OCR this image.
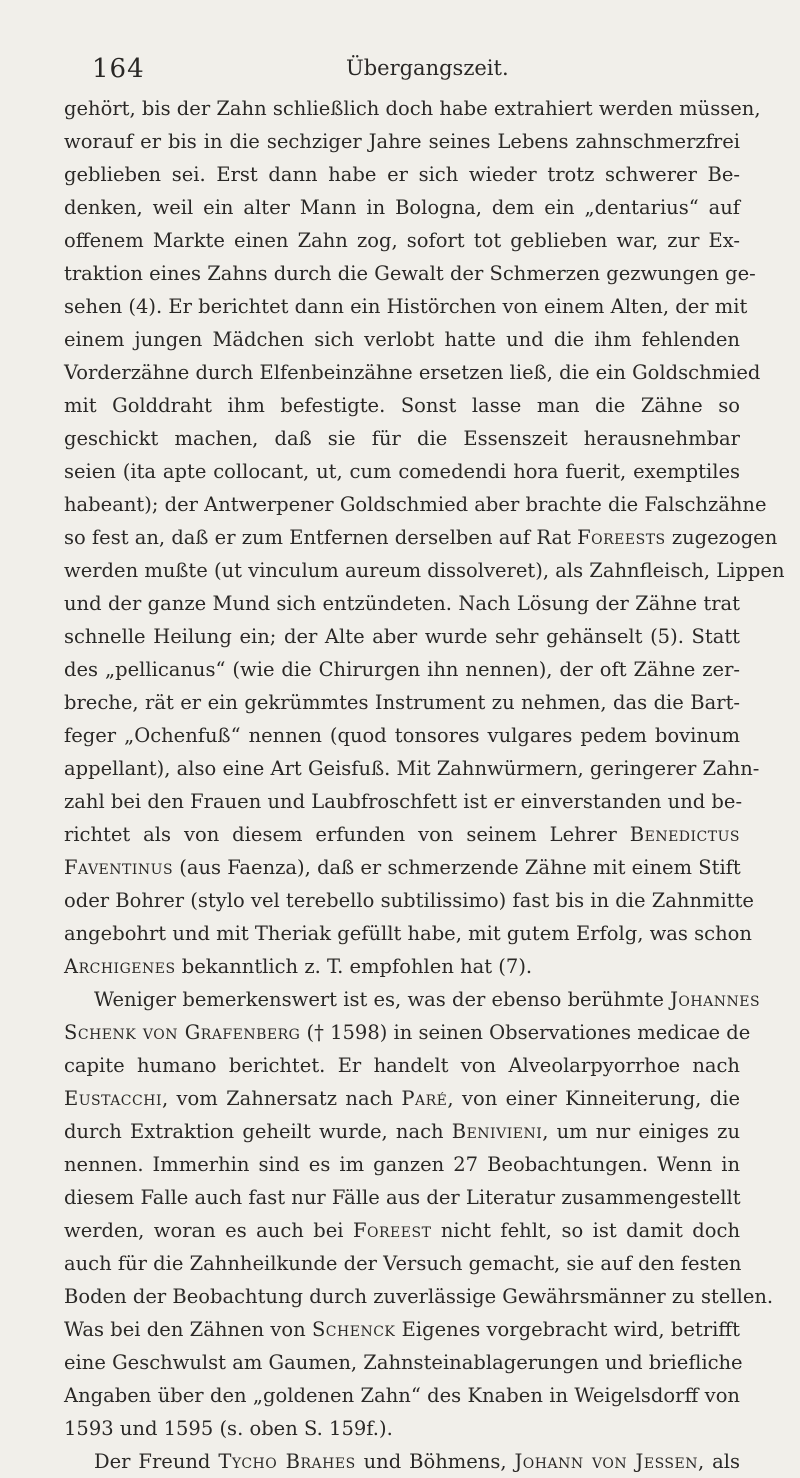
164	Übergangszeit.
gehört, bis der Zahn schließlich doch habe extrahiert werden müssen,
worauf er bis in die sechziger Jahre seines Lebens zahnschmerzfrei
geblieben sei. Erst dann habe er sich wieder trotz schwerer Be-
denken, weil ein alter Mann in Bologna, dem ein „dentarius“ auf
offenem Markte einen Zahn zog, sofort tot geblieben war, zur Ex-
traktion eines Zahns durch die Gewalt der Schmerzen gezwungen ge-
sehen (4). Er berichtet dann ein Histörchen von einem Alten, der mit
einem jungen Mädchen sich verlobt hatte und die ihm fehlenden
Vorderzähne durch Elfenbeinzähne ersetzen ließ, die ein Goldschmied
mit Golddraht ihm befestigte. Sonst lasse man die Zähne so
geschickt machen, daß sie für die Essenszeit herausnehmbar
seien (ita apte collocant, ut, cum comedendi hora fuerit, exemptiles
habeant); der Antwerpener Goldschmied aber brachte die Falschzähne
so fest an, daß er zum Entfernen derselben auf Rat Foreests zugezogen
werden mußte (ut vinculum aureum dissolveret), als Zahnfleisch, Lippen
und der ganze Mund sich entzündeten. Nach Lösung der Zähne trat
schnelle Heilung ein; der Alte aber wurde sehr gehänselt (5). Statt
des „pellicanus“ (wie die Chirurgen ihn nennen), der oft Zähne zer-
breche, rät er ein gekrümmtes Instrument zu nehmen, das die Bart-
feger „Ochenfuß“ nennen (quod tonsores vulgares pedem bovinum
appellant), also eine Art Geisfuß. Mit Zahnwürmern, geringerer Zahn-
zahl bei den Frauen und Laubfroschfett ist er einverstanden und be-
richtet als von diesem erfunden von seinem Lehrer Benedictus
Faventinus (aus Faenza), daß er schmerzende Zähne mit einem Stift
oder Bohrer (stylo vel terebello subtilissimo) fast bis in die Zahnmitte
angebohrt und mit Theriak gefüllt habe, mit gutem Erfolg, was schon
Archigenes bekanntlich z. T. empfohlen hat (7).
Weniger bemerkenswert ist es, was der ebenso berühmte Johannes
Schenk von Grafenberg († 1598) in seinen Observationes medicae de
capite humano berichtet. Er handelt von Alveolarpyorrhoe nach
Eustacchi, vom Zahnersatz nach Paré, von einer Kinneiterung, die
durch Extraktion geheilt wurde, nach Benivieni, um nur einiges zu
nennen. Immerhin sind es im ganzen 27 Beobachtungen. Wenn in
diesem Falle auch fast nur Fälle aus der Literatur zusammengestellt
werden, woran es auch bei Foreest nicht fehlt, so ist damit doch
auch für die Zahnheilkunde der Versuch gemacht, sie auf den festen
Boden der Beobachtung durch zuverlässige Gewährsmänner zu stellen.
Was bei den Zähnen von Schenck Eigenes vorgebracht wird, betrifft
eine Geschwulst am Gaumen, Zahnsteinablagerungen und briefliche
Angaben über den „goldenen Zahn“ des Knaben in Weigelsdorff von
1593 und 1595 (s. oben S. 159f.).
Der Freund Tycho Brahes und Böhmens, Johann von Jessen, als
